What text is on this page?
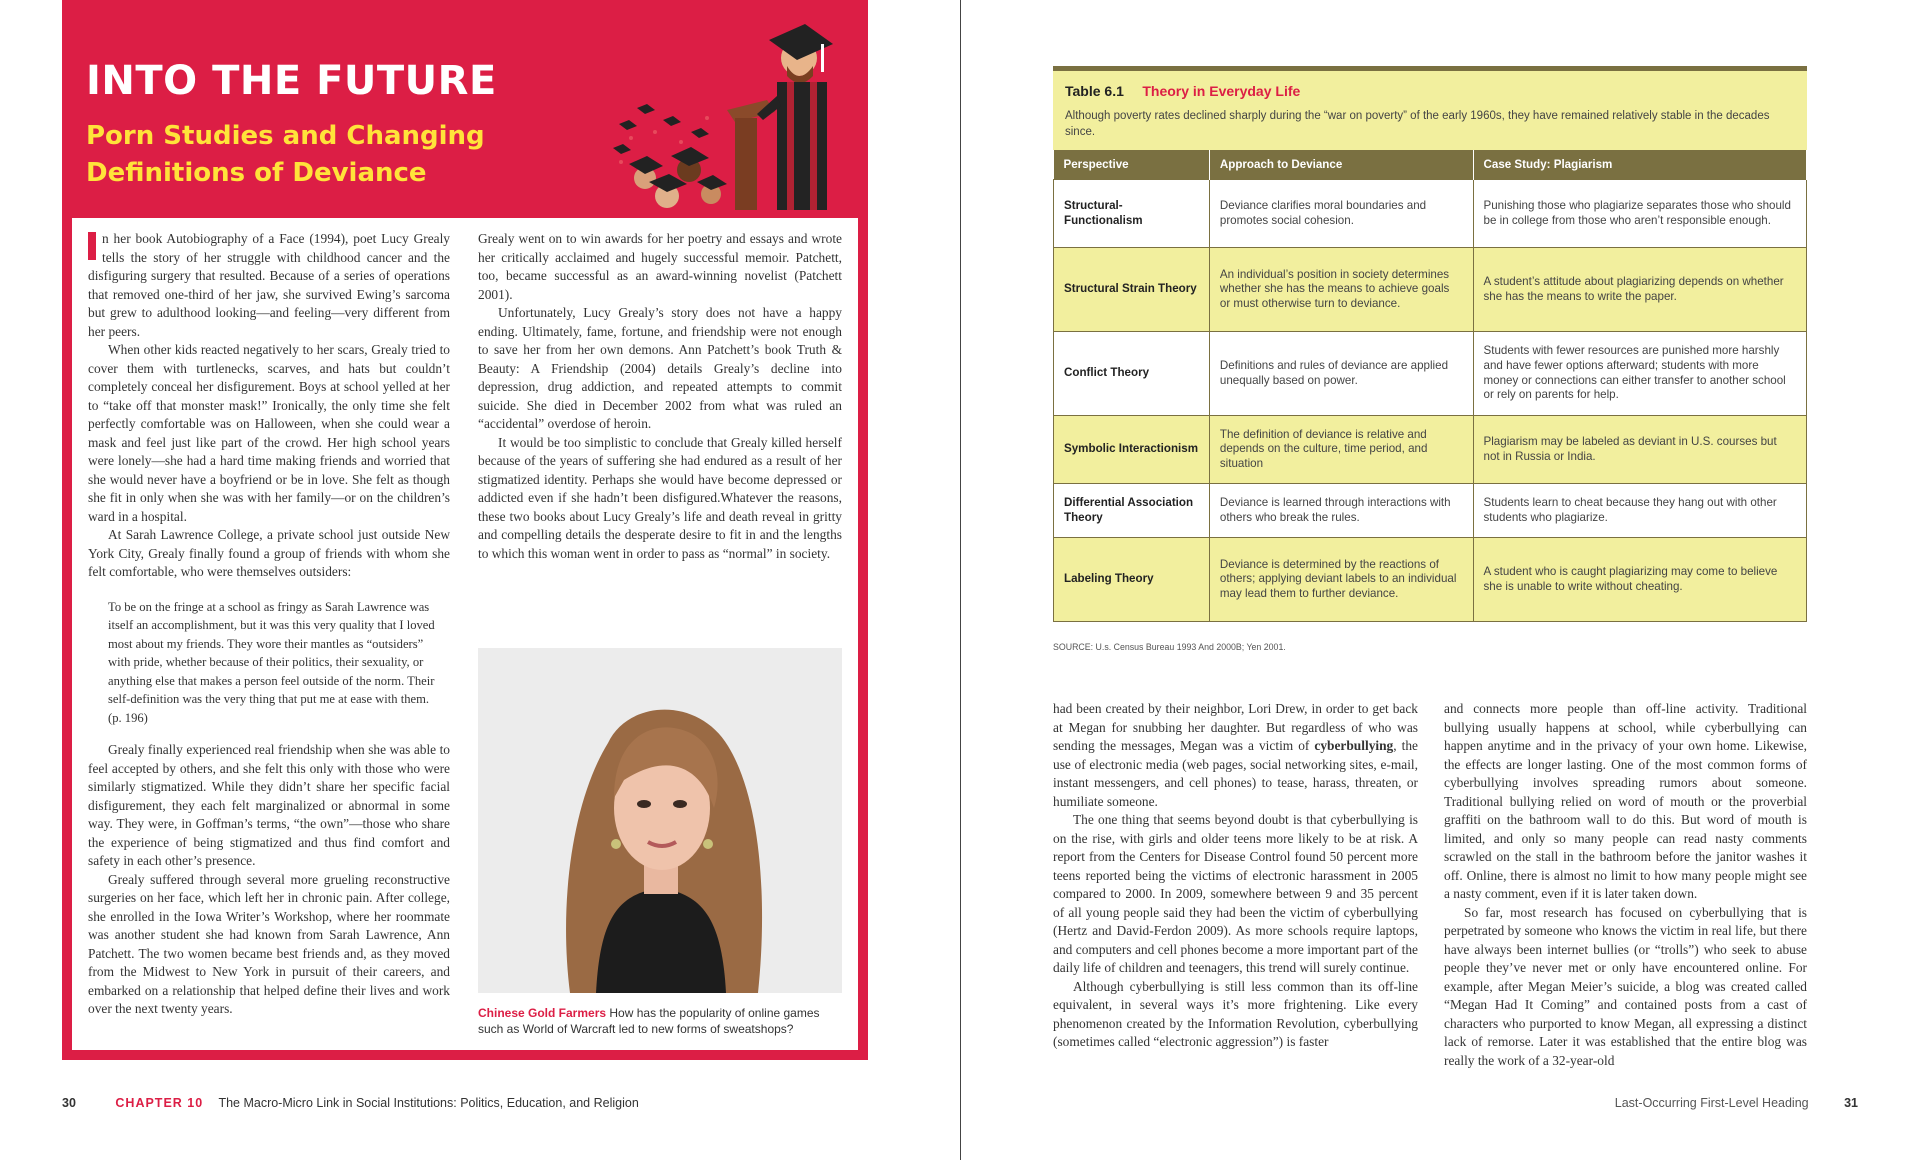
INTO THE FUTURE
Porn Studies and Changing Definitions of Deviance

n her book Autobiography of a Face (1994), poet Lucy Grealy tells the story of her struggle with childhood cancer and the disfiguring surgery that resulted. Because of a series of operations that removed one-third of her jaw, she survived Ewing’s sarcoma but grew to adulthood looking—and feeling—very different from her peers.

When other kids reacted negatively to her scars, Grealy tried to cover them with turtlenecks, scarves, and hats but couldn’t completely conceal her disfigurement. Boys at school yelled at her to “take off that monster mask!” Ironically, the only time she felt perfectly comfortable was on Halloween, when she could wear a mask and feel just like part of the crowd. Her high school years were lonely—she had a hard time making friends and worried that she would never have a boyfriend or be in love. She felt as though she fit in only when she was with her family—or on the children’s ward in a hospital.

At Sarah Lawrence College, a private school just outside New York City, Grealy finally found a group of friends with whom she felt comfortable, who were themselves outsiders:

To be on the fringe at a school as fringy as Sarah Lawrence was itself an accomplishment, but it was this very quality that I loved most about my friends. They wore their mantles as “outsiders” with pride, whether because of their politics, their sexuality, or anything else that makes a person feel outside of the norm. Their self-definition was the very thing that put me at ease with them. (p. 196)

Grealy finally experienced real friendship when she was able to feel accepted by others, and she felt this only with those who were similarly stigmatized. While they didn’t share her specific facial disfigurement, they each felt marginalized or abnormal in some way. They were, in Goffman’s terms, “the own”—those who share the experience of being stigmatized and thus find comfort and safety in each other’s presence.

Grealy suffered through several more grueling reconstructive surgeries on her face, which left her in chronic pain. After college, she enrolled in the Iowa Writer’s Workshop, where her roommate was another student she had known from Sarah Lawrence, Ann Patchett. The two women became best friends and, as they moved from the Midwest to New York in pursuit of their careers, and embarked on a relationship that helped define their lives and work over the next twenty years.

Grealy went on to win awards for her poetry and essays and wrote her critically acclaimed and hugely successful memoir. Patchett, too, became successful as an award-winning novelist (Patchett 2001).

Unfortunately, Lucy Grealy’s story does not have a happy ending. Ultimately, fame, fortune, and friendship were not enough to save her from her own demons. Ann Patchett’s book Truth & Beauty: A Friendship (2004) details Grealy’s decline into depression, drug addiction, and repeated attempts to commit suicide. She died in December 2002 from what was ruled an “accidental” overdose of heroin.

It would be too simplistic to conclude that Grealy killed herself because of the years of suffering she had endured as a result of her stigmatized identity. Perhaps she would have become depressed or addicted even if she hadn’t been disfigured.Whatever the reasons, these two books about Lucy Grealy’s life and death reveal in gritty and compelling details the desperate desire to fit in and the lengths to which this woman went in order to pass as “normal” in society.

Chinese Gold Farmers How has the popularity of online games such as World of Warcraft led to new forms of sweatshops?
30	CHAPTER 10 The Macro-Micro Link in Social Institutions: Politics, Education, and Religion
Table 6.1 Theory in Everyday Life
Although poverty rates declined sharply during the “war on poverty” of the early 1960s, they have remained relatively stable in the decades since.
Perspective	Approach to Deviance	Case Study: Plagiarism
Structural-Functionalism	Deviance clarifies moral boundaries and promotes social cohesion.	Punishing those who plagiarize separates those who should be in college from those who aren’t responsible enough.
Structural Strain Theory	An individual’s position in society determines whether she has the means to achieve goals or must otherwise turn to deviance.	A student’s attitude about plagiarizing depends on whether she has the means to write the paper.
Conflict Theory	Definitions and rules of deviance are applied unequally based on power.	Students with fewer resources are punished more harshly and have fewer options afterward; students with more money or connections can either transfer to another school or rely on parents for help.
Symbolic Interactionism	The definition of deviance is relative and depends on the culture, time period, and situation	Plagiarism may be labeled as deviant in U.S. courses but not in Russia or India.
Differential Association Theory	Deviance is learned through interactions with others who break the rules.	Students learn to cheat because they hang out with other students who plagiarize.
Labeling Theory	Deviance is determined by the reactions of others; applying deviant labels to an individual may lead them to further deviance.	A student who is caught plagiarizing may come to believe she is unable to write without cheating.
SOURCE: U.s. Census Bureau 1993 And 2000B; Yen 2001.

had been created by their neighbor, Lori Drew, in order to get back at Megan for snubbing her daughter. But regardless of who was sending the messages, Megan was a victim of cyberbullying, the use of electronic media (web pages, social networking sites, e-mail, instant messengers, and cell phones) to tease, harass, threaten, or humiliate someone.

The one thing that seems beyond doubt is that cyberbullying is on the rise, with girls and older teens more likely to be at risk. A report from the Centers for Disease Control found 50 percent more teens reported being the victims of electronic harassment in 2005 compared to 2000. In 2009, somewhere between 9 and 35 percent of all young people said they had been the victim of cyberbullying (Hertz and David-Ferdon 2009). As more schools require laptops, and computers and cell phones become a more important part of the daily life of children and teenagers, this trend will surely continue.

Although cyberbullying is still less common than its off-line equivalent, in several ways it’s more frightening. Like every phenomenon created by the Information Revolution, cyberbullying (sometimes called “electronic aggression”) is faster

and connects more people than off-line activity. Traditional bullying usually happens at school, while cyberbullying can happen anytime and in the privacy of your own home. Likewise, the effects are longer lasting. One of the most common forms of cyberbullying involves spreading rumors about someone. Traditional bullying relied on word of mouth or the proverbial graffiti on the bathroom wall to do this. But word of mouth is limited, and only so many people can read nasty comments scrawled on the stall in the bathroom before the janitor washes it off. Online, there is almost no limit to how many people might see a nasty comment, even if it is later taken down.

So far, most research has focused on cyberbullying that is perpetrated by someone who knows the victim in real life, but there have always been internet bullies (or “trolls”) who seek to abuse people they’ve never met or only have encountered online. For example, after Megan Meier’s suicide, a blog was created called “Megan Had It Coming” and contained posts from a cast of characters who purported to know Megan, all expressing a distinct lack of remorse. Later it was established that the entire blog was really the work of a 32-year-old

Last-Occurring First-Level Heading	31
